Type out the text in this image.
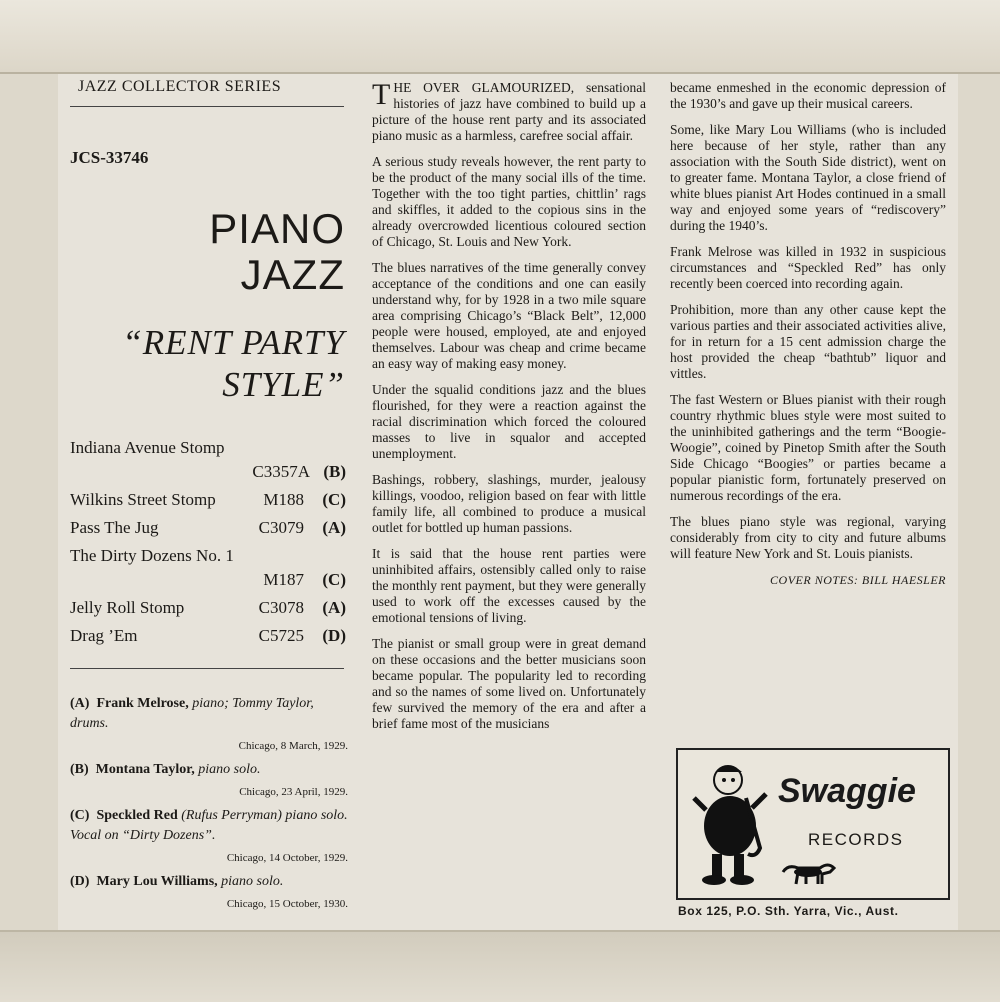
JAZZ COLLECTOR SERIES
JCS-33746
PIANO
JAZZ
“RENT PARTY
STYLE”
Indiana Avenue Stomp
C3357A (B)
Wilkins Street Stomp	M188 (C)
Pass The Jug	C3079 (A)
The Dirty Dozens No. 1
M187 (C)
Jelly Roll Stomp	C3078 (A)
Drag ’Em	C5725 (D)
(A) Frank Melrose, piano; Tommy Taylor, drums.
Chicago, 8 March, 1929.
(B) Montana Taylor, piano solo.
Chicago, 23 April, 1929.
(C) Speckled Red (Rufus Perryman) piano solo. Vocal on “Dirty Dozens”.
Chicago, 14 October, 1929.
(D) Mary Lou Williams, piano solo.
Chicago, 15 October, 1930.

THE OVER GLAMOURIZED, sensational histories of jazz have combined to build up a picture of the house rent party and its associated piano music as a harmless, carefree social affair.

A serious study reveals however, the rent party to be the product of the many social ills of the time. Together with the too tight parties, chittlin’ rags and skiffles, it added to the copious sins in the already overcrowded licentious coloured section of Chicago, St. Louis and New York.

The blues narratives of the time generally convey acceptance of the conditions and one can easily understand why, for by 1928 in a two mile square area comprising Chicago’s “Black Belt”, 12,000 people were housed, employed, ate and enjoyed themselves. Labour was cheap and crime became an easy way of making easy money.

Under the squalid conditions jazz and the blues flourished, for they were a reaction against the racial discrimination which forced the coloured masses to live in squalor and accepted unemployment.

Bashings, robbery, slashings, murder, jealousy killings, voodoo, religion based on fear with little family life, all combined to produce a musical outlet for bottled up human passions.

It is said that the house rent parties were uninhibited affairs, ostensibly called only to raise the monthly rent payment, but they were generally used to work off the excesses caused by the emotional tensions of living.

The pianist or small group were in great demand on these occasions and the better musicians soon became popular. The popularity led to recording and so the names of some lived on. Unfortunately few survived the memory of the era and after a brief fame most of the musicians

became enmeshed in the economic depression of the 1930’s and gave up their musical careers.

Some, like Mary Lou Williams (who is included here because of her style, rather than any association with the South Side district), went on to greater fame. Montana Taylor, a close friend of white blues pianist Art Hodes continued in a small way and enjoyed some years of “rediscovery” during the 1940’s.

Frank Melrose was killed in 1932 in suspicious circumstances and “Speckled Red” has only recently been coerced into recording again.

Prohibition, more than any other cause kept the various parties and their associated activities alive, for in return for a 15 cent admission charge the host provided the cheap “bathtub” liquor and vittles.

The fast Western or Blues pianist with their rough country rhythmic blues style were most suited to the uninhibited gatherings and the term “Boogie-Woogie”, coined by Pinetop Smith after the South Side Chicago “Boogies” or parties became a popular pianistic form, fortunately preserved on numerous recordings of the era.

The blues piano style was regional, varying considerably from city to city and future albums will feature New York and St. Louis pianists.

COVER NOTES: BILL HAESLER
Swaggie
RECORDS
Box 125, P.O. Sth. Yarra, Vic., Aust.
